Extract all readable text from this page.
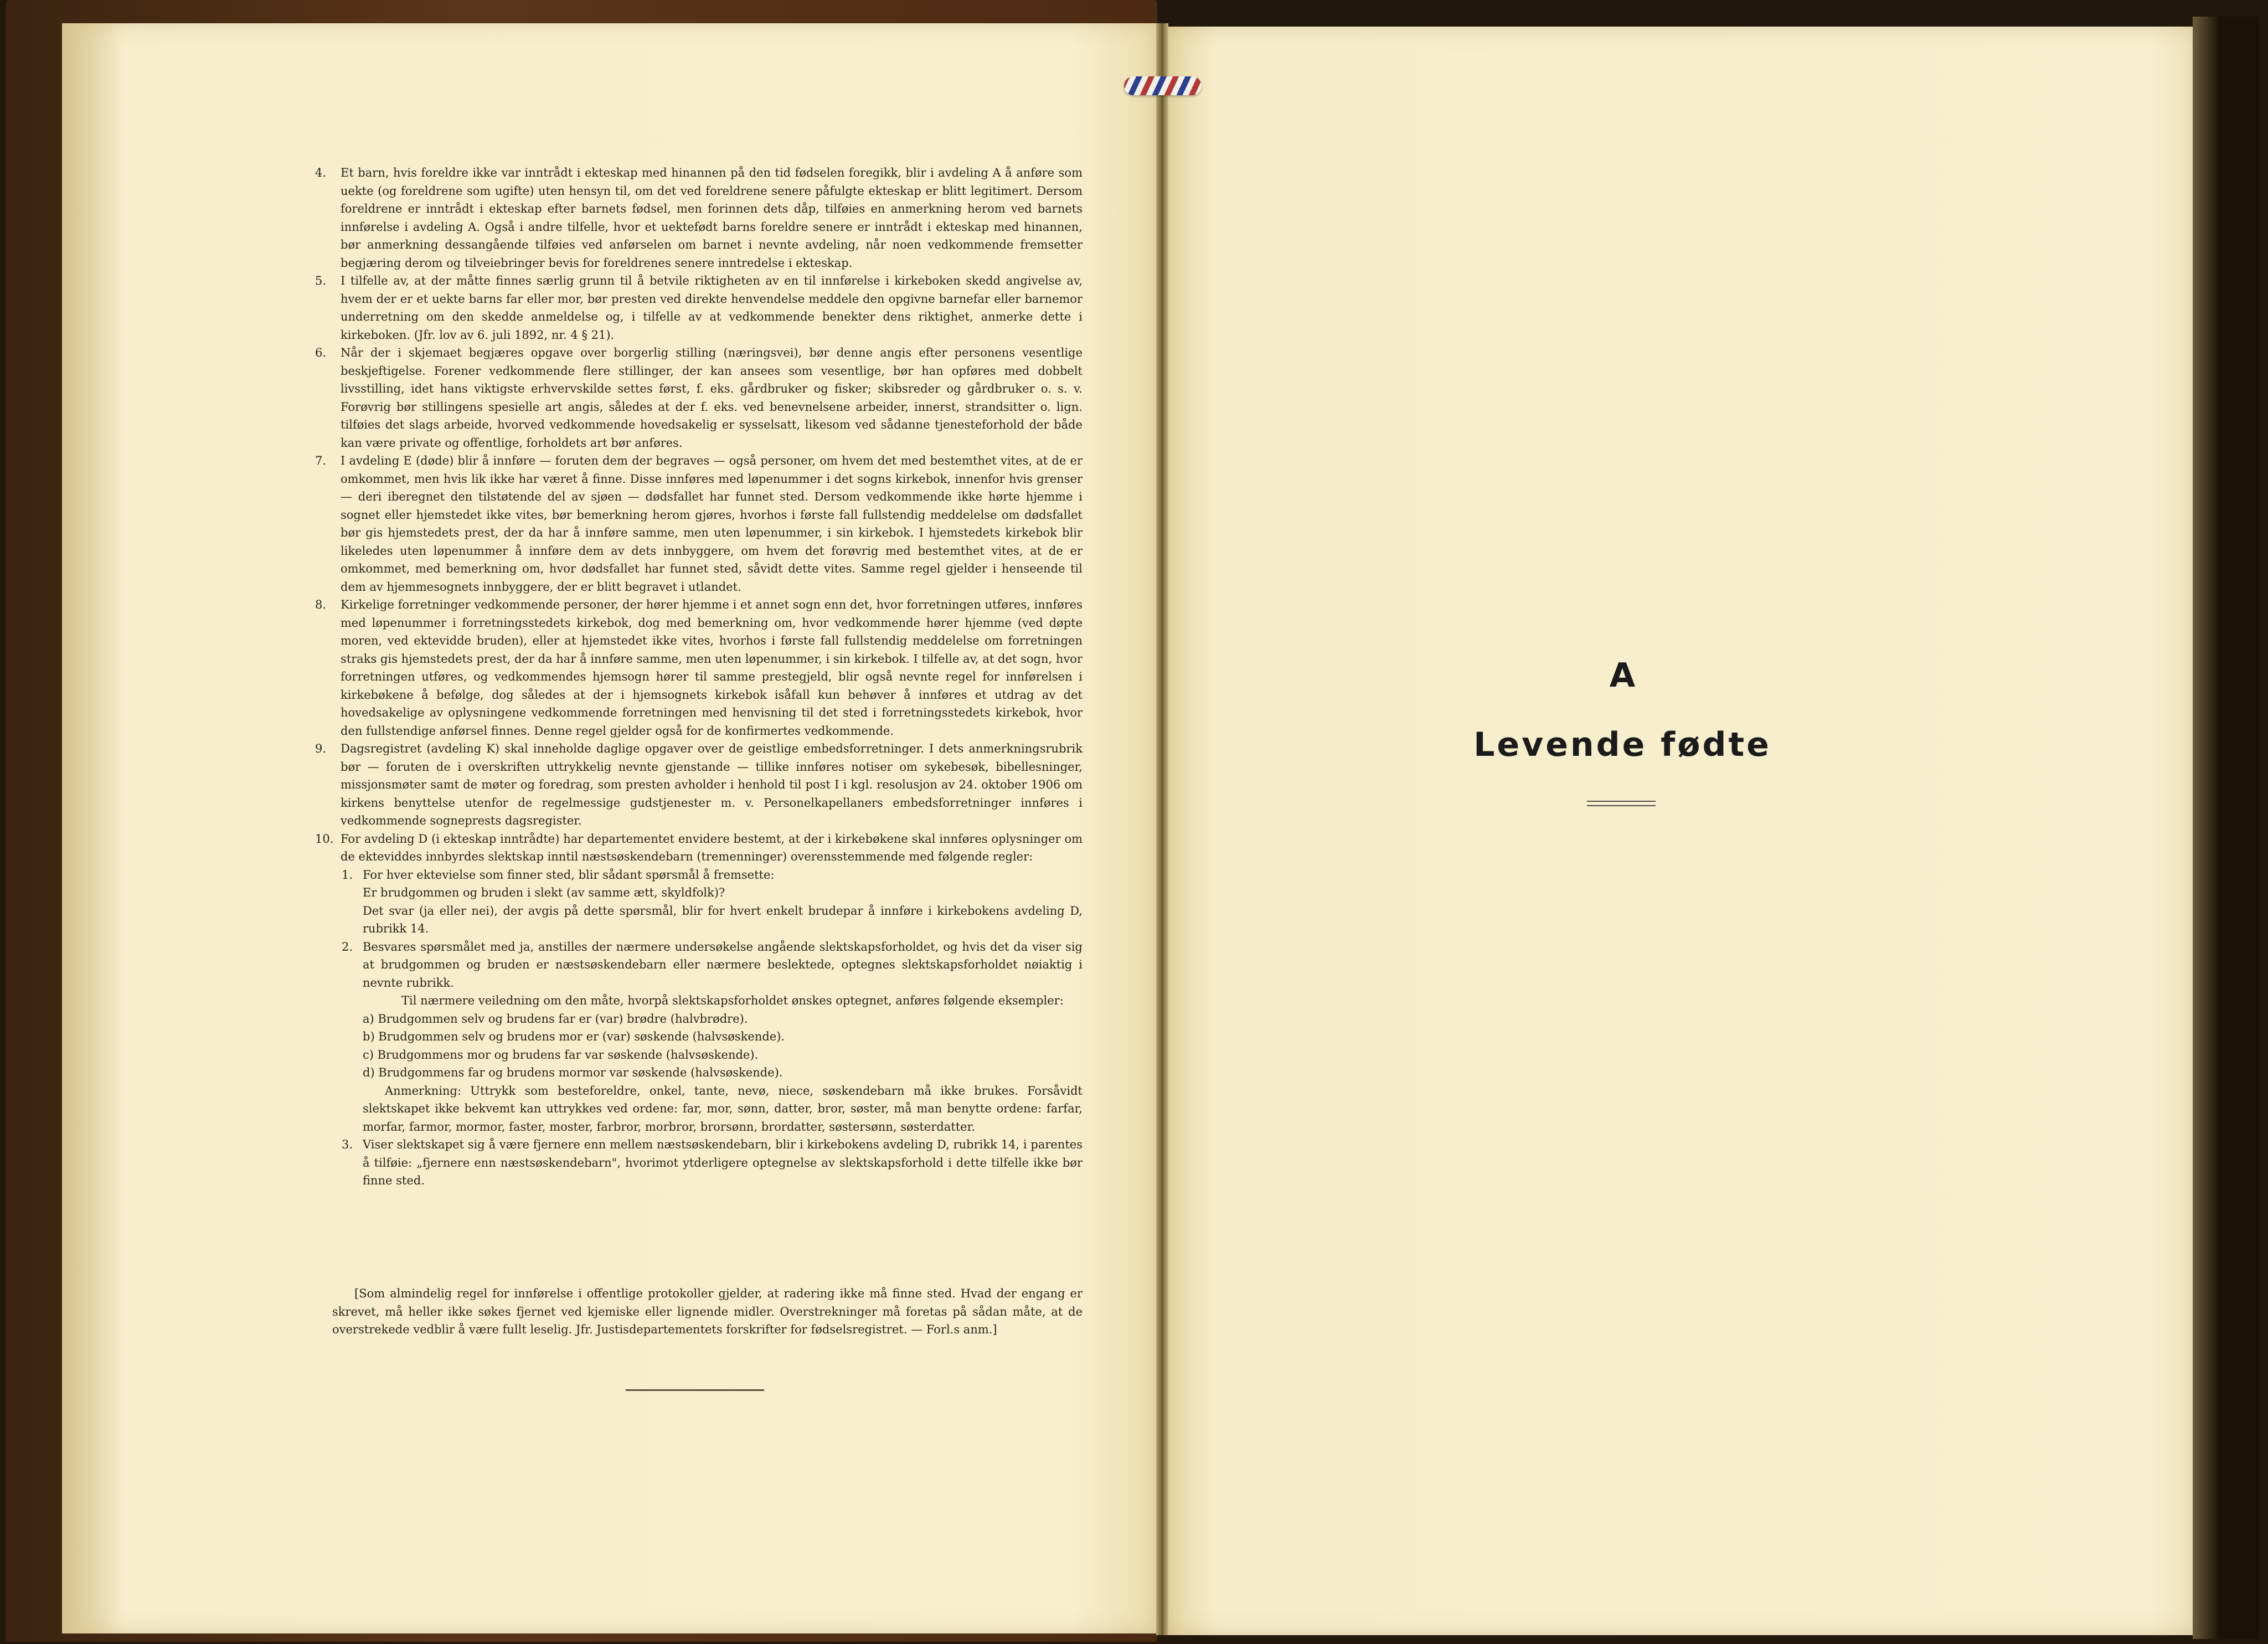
4.	Et barn, hvis foreldre ikke var inntrådt i ekteskap med hinannen på den tid fødselen foregikk, blir i avdeling A å anføre som uekte (og foreldrene som ugifte) uten hensyn til, om det ved foreldrene senere påfulgte ekteskap er blitt legitimert. Dersom foreldrene er inntrådt i ekteskap efter barnets fødsel, men forinnen dets dåp, tilføies en anmerkning herom ved barnets innførelse i avdeling A. Også i andre tilfelle, hvor et uektefødt barns foreldre senere er inntrådt i ekteskap med hinannen, bør anmerkning dessangående tilføies ved anførselen om barnet i nevnte avdeling, når noen vedkommende fremsetter begjæring derom og tilveiebringer bevis for foreldrenes senere inntredelse i ekteskap.
5.	I tilfelle av, at der måtte finnes særlig grunn til å betvile riktigheten av en til innførelse i kirkeboken skedd angivelse av, hvem der er et uekte barns far eller mor, bør presten ved direkte henvendelse meddele den opgivne barnefar eller barnemor underretning om den skedde anmeldelse og, i tilfelle av at vedkommende benekter dens riktighet, anmerke dette i kirkeboken. (Jfr. lov av 6. juli 1892, nr. 4 § 21).
6.	Når der i skjemaet begjæres opgave over borgerlig stilling (næringsvei), bør denne angis efter personens vesentlige beskjeftigelse. Forener vedkommende flere stillinger, der kan ansees som vesentlige, bør han opføres med dobbelt livsstilling, idet hans viktigste erhvervskilde settes først, f. eks. gårdbruker og fisker; skibsreder og gårdbruker o. s. v. Forøvrig bør stillingens spesielle art angis, således at der f. eks. ved benevnelsene arbeider, innerst, strandsitter o. lign. tilføies det slags arbeide, hvorved vedkommende hovedsakelig er sysselsatt, likesom ved sådanne tjenesteforhold der både kan være private og offentlige, forholdets art bør anføres.
7.	I avdeling E (døde) blir å innføre — foruten dem der begraves — også personer, om hvem det med bestemthet vites, at de er omkommet, men hvis lik ikke har været å finne. Disse innføres med løpenummer i det sogns kirkebok, innenfor hvis grenser — deri iberegnet den tilstøtende del av sjøen — dødsfallet har funnet sted. Dersom vedkommende ikke hørte hjemme i sognet eller hjemstedet ikke vites, bør bemerkning herom gjøres, hvorhos i første fall fullstendig meddelelse om dødsfallet bør gis hjemstedets prest, der da har å innføre samme, men uten løpenummer, i sin kirkebok. I hjemstedets kirkebok blir likeledes uten løpenummer å innføre dem av dets innbyggere, om hvem det forøvrig med bestemthet vites, at de er omkommet, med bemerkning om, hvor dødsfallet har funnet sted, såvidt dette vites. Samme regel gjelder i henseende til dem av hjemmesognets innbyggere, der er blitt begravet i utlandet.
8.	Kirkelige forretninger vedkommende personer, der hører hjemme i et annet sogn enn det, hvor forretningen utføres, innføres med løpenummer i forretningsstedets kirkebok, dog med bemerkning om, hvor vedkommende hører hjemme (ved døpte moren, ved ektevidde bruden), eller at hjemstedet ikke vites, hvorhos i første fall fullstendig meddelelse om forretningen straks gis hjemstedets prest, der da har å innføre samme, men uten løpenummer, i sin kirkebok. I tilfelle av, at det sogn, hvor forretningen utføres, og vedkommendes hjemsogn hører til samme prestegjeld, blir også nevnte regel for innførelsen i kirkebøkene å befølge, dog således at der i hjemsognets kirkebok isåfall kun behøver å innføres et utdrag av det hovedsakelige av oplysningene vedkommende forretningen med henvisning til det sted i forretningsstedets kirkebok, hvor den fullstendige anførsel finnes. Denne regel gjelder også for de konfirmertes vedkommende.
9.	Dagsregistret (avdeling K) skal inneholde daglige opgaver over de geistlige embedsforretninger. I dets anmerkningsrubrik bør — foruten de i overskriften uttrykkelig nevnte gjenstande — tillike innføres notiser om sykebesøk, bibellesninger, missjonsmøter samt de møter og foredrag, som presten avholder i henhold til post I i kgl. resolusjon av 24. oktober 1906 om kirkens benyttelse utenfor de regelmessige gudstjenester m. v. Personelkapellaners embedsforretninger innføres i vedkommende sogneprests dagsregister.
10. For avdeling D (i ekteskap inntrådte) har departementet envidere bestemt, at der i kirkebøkene skal innføres oplysninger om de ekteviddes innbyrdes slektskap inntil næstsøskendebarn (tremenninger) overensstemmende med følgende regler:
1. For hver ektevielse som finner sted, blir sådant spørsmål å fremsette:
Er brudgommen og bruden i slekt (av samme ætt, skyldfolk)?
Det svar (ja eller nei), der avgis på dette spørsmål, blir for hvert enkelt brudepar å innføre i kirkebokens avdeling D, rubrikk 14.
2. Besvares spørsmålet med ja, anstilles der nærmere undersøkelse angående slektskapsforholdet, og hvis det da viser sig at brudgommen og bruden er næstsøskendebarn eller nærmere beslektede, optegnes slektskapsforholdet nøiaktig i nevnte rubrikk.
Til nærmere veiledning om den måte, hvorpå slektskapsforholdet ønskes optegnet, anføres følgende eksempler:
a) Brudgommen selv og brudens far er (var) brødre (halvbrødre).
b) Brudgommen selv og brudens mor er (var) søskende (halvsøskende).
c) Brudgommens mor og brudens far var søskende (halvsøskende).
d) Brudgommens far og brudens mormor var søskende (halvsøskende).
Anmerkning: Uttrykk som besteforeldre, onkel, tante, nevø, niece, søskendebarn må ikke brukes. Forsåvidt slektskapet ikke bekvemt kan uttrykkes ved ordene: far, mor, sønn, datter, bror, søster, må man benytte ordene: farfar, morfar, farmor, mormor, faster, moster, farbror, morbror, brorsønn, brordatter, søstersønn, søsterdatter.
3. Viser slektskapet sig å være fjernere enn mellem næstsøskendebarn, blir i kirkebokens avdeling D, rubrikk 14, i parentes å tilføie: „fjernere enn næstsøskendebarn", hvorimot ytderligere optegnelse av slektskapsforhold i dette tilfelle ikke bør finne sted.
[Som almindelig regel for innførelse i offentlige protokoller gjelder, at radering ikke må finne sted. Hvad der engang er skrevet, må heller ikke søkes fjernet ved kjemiske eller lignende midler. Overstrekninger må foretas på sådan måte, at de overstrekede vedblir å være fullt leselig. Jfr. Justisdepartementets forskrifter for fødselsregistret. — Forl.s anm.]
A
Levende fødte
